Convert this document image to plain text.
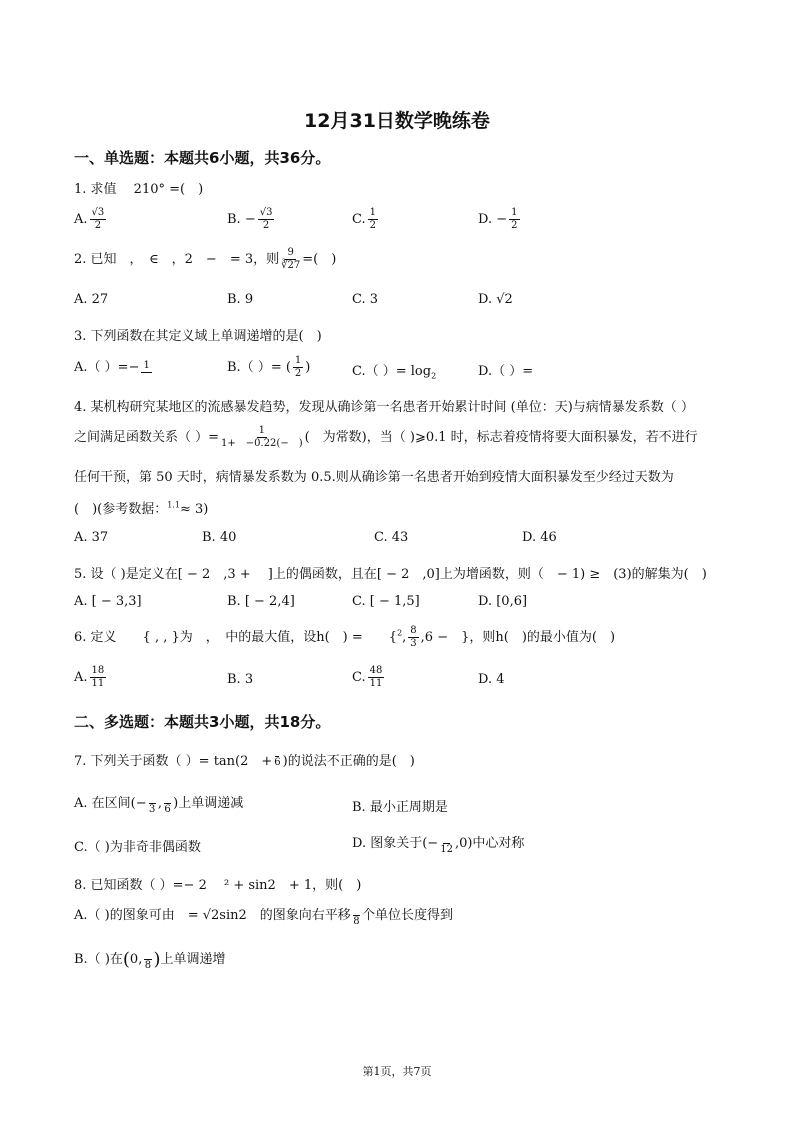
12月31日数学晚练卷
一、单选题：本题共6小题，共36分。
1. 求值　 210° =(　)
A. $\frac{√3}{2}$	B. − $\frac{√3}{2}$	C. $\frac{1}{2}$	D. − $\frac{1}{2}$
2. 已知　，　∈　，2　−　= 3，则 $\frac{9}{∛27}$ =(　)
A. 27	B. 9	C. 3	D. √2
3. 下列函数在其定义域上单调递增的是(　)
A.（ ）=− 1	B.（ ）= ( $\frac{1}{2}$ )	C.（ ）= $\log_2$	D.（ ）=
4. 某机构研究某地区的流感暴发趋势，发现从确诊第一名患者开始累计时间 (单位：天)与病情暴发系数（ ）
之间满足函数关系（ ）= $\frac{1}{1+ -0.22(- )}$ (　为常数)，当（ )⩾0.1 时，标志着疫情将要大面积暴发，若不进行
任何干预，第 50 天时，病情暴发系数为 0.5.则从确诊第一名患者开始到疫情大面积暴发至少经过天数为
(　)(参考数据：$^{1.1}$≈ 3)
A. 37	B. 40	C. 43	D. 46
5. 设（ )是定义在[ − 2　,3 + 　]上的偶函数，且在[ − 2　,0]上为增函数，则（　− 1) ≥　(3)的解集为(　)
A. [ − 3,3]	B. [ − 2,4]	C. [ − 1,5]	D. [0,6]
6. 定义　　{ , , }为　，　中的最大值，设h(　) =　　{$^2$, $\frac{8}{3} ,6$ −　}，则h(　)的最小值为(　)
A. $\frac{18}{11}$	B. 3	C. $\frac{48}{11}$	D. 4
二、多选题：本题共3小题，共18分。
7. 下列关于函数（ ）= tan(2　+ 6 )的说法不正确的是(　)
A. 在区间(−
3 ,
6 )上单调递减	B. 最小正周期是
C.（ )为非奇非偶函数	D. 图象关于(−
12 ,0)中心对称
8. 已知函数（ ）=− 2　 ² + sin2　+ 1，则(　)
A.（ )的图象可由　= √2sin2　的图象向右平移
8 个单位长度得到
B.（ )在(0,
8 )上单调递增
第1页，共7页
